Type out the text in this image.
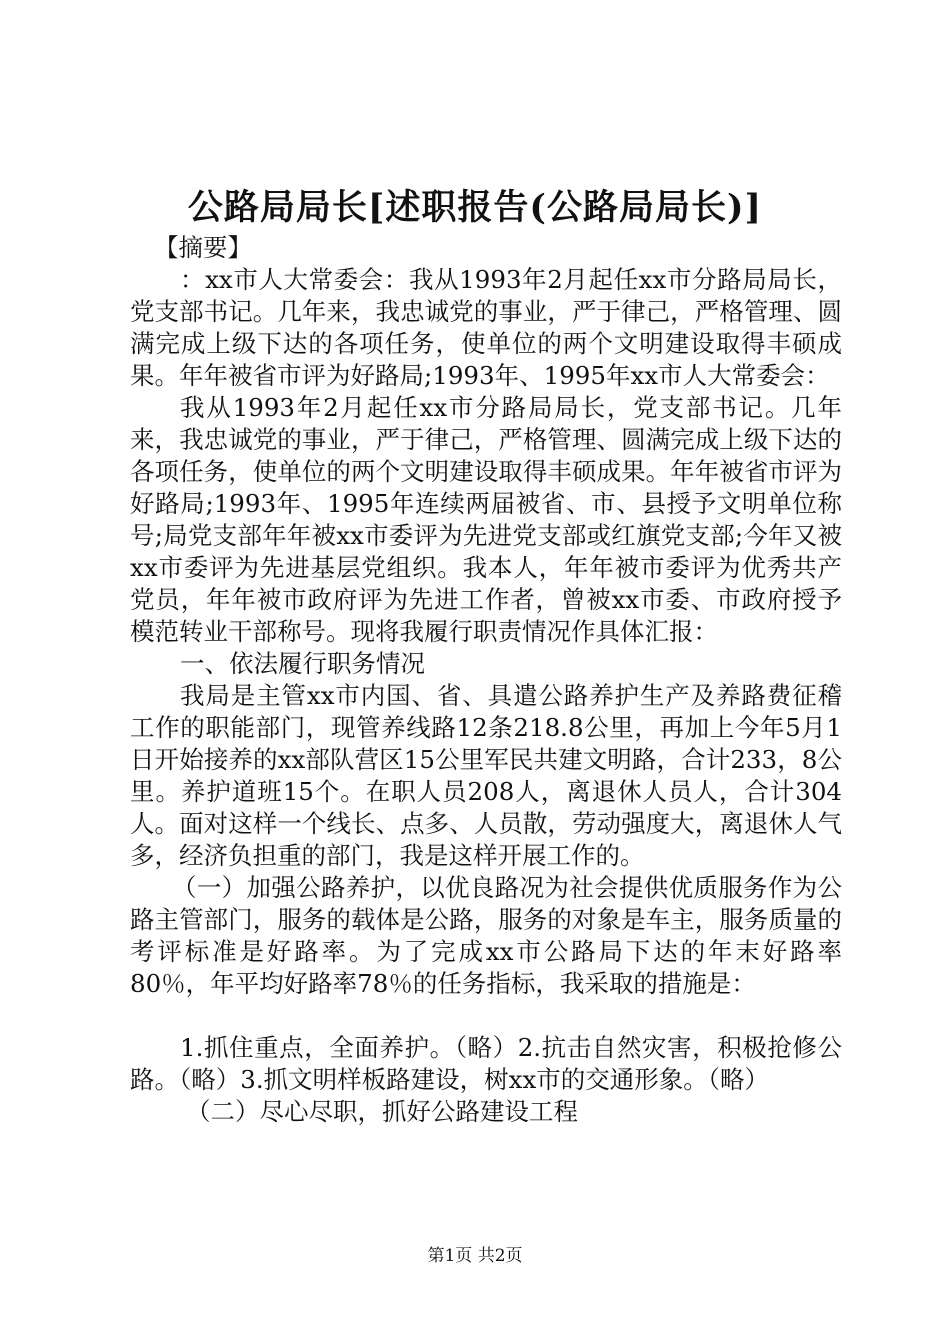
公路局局长[述职报告(公路局局长)]

【摘要】

：xx市人大常委会：我从1993年2月起任xx市分路局局长，党支部书记。几年来，我忠诚党的事业，严于律己，严格管理、圆满完成上级下达的各项任务，使单位的两个文明建设取得丰硕成果。年年被省市评为好路局;1993年、1995年xx市人大常委会：

我从1993年2月起任xx市分路局局长，党支部书记。几年来，我忠诚党的事业，严于律己，严格管理、圆满完成上级下达的各项任务，使单位的两个文明建设取得丰硕成果。年年被省市评为好路局;1993年、1995年连续两届被省、市、县授予文明单位称号;局党支部年年被xx市委评为先进党支部或红旗党支部;今年又被xx市委评为先进基层党组织。我本人，年年被市委评为优秀共产党员，年年被市政府评为先进工作者，曾被xx市委、市政府授予模范转业干部称号。现将我履行职责情况作具体汇报：

一、依法履行职务情况

我局是主管xx市内国、省、具遣公路养护生产及养路费征稽工作的职能部门，现管养线路12条218.8公里，再加上今年5月1日开始接养的xx部队营区15公里军民共建文明路，合计233，8公里。养护道班15个。在职人员208人，离退休人员人，合计304人。面对这样一个线长、点多、人员散，劳动强度大，离退休人气多，经济负担重的部门，我是这样开展工作的。

（一）加强公路养护，以优良路况为社会提供优质服务作为公路主管部门，服务的载体是公路，服务的对象是车主，服务质量的考评标准是好路率。为了完成xx市公路局下达的年末好路率80％，年平均好路率78％的任务指标，我采取的措施是：

1.抓住重点，全面养护。（略）2.抗击自然灾害，积极抢修公路。（略）3.抓文明样板路建设，树xx市的交通形象。（略）

（二）尽心尽职，抓好公路建设工程

第1页 共2页
